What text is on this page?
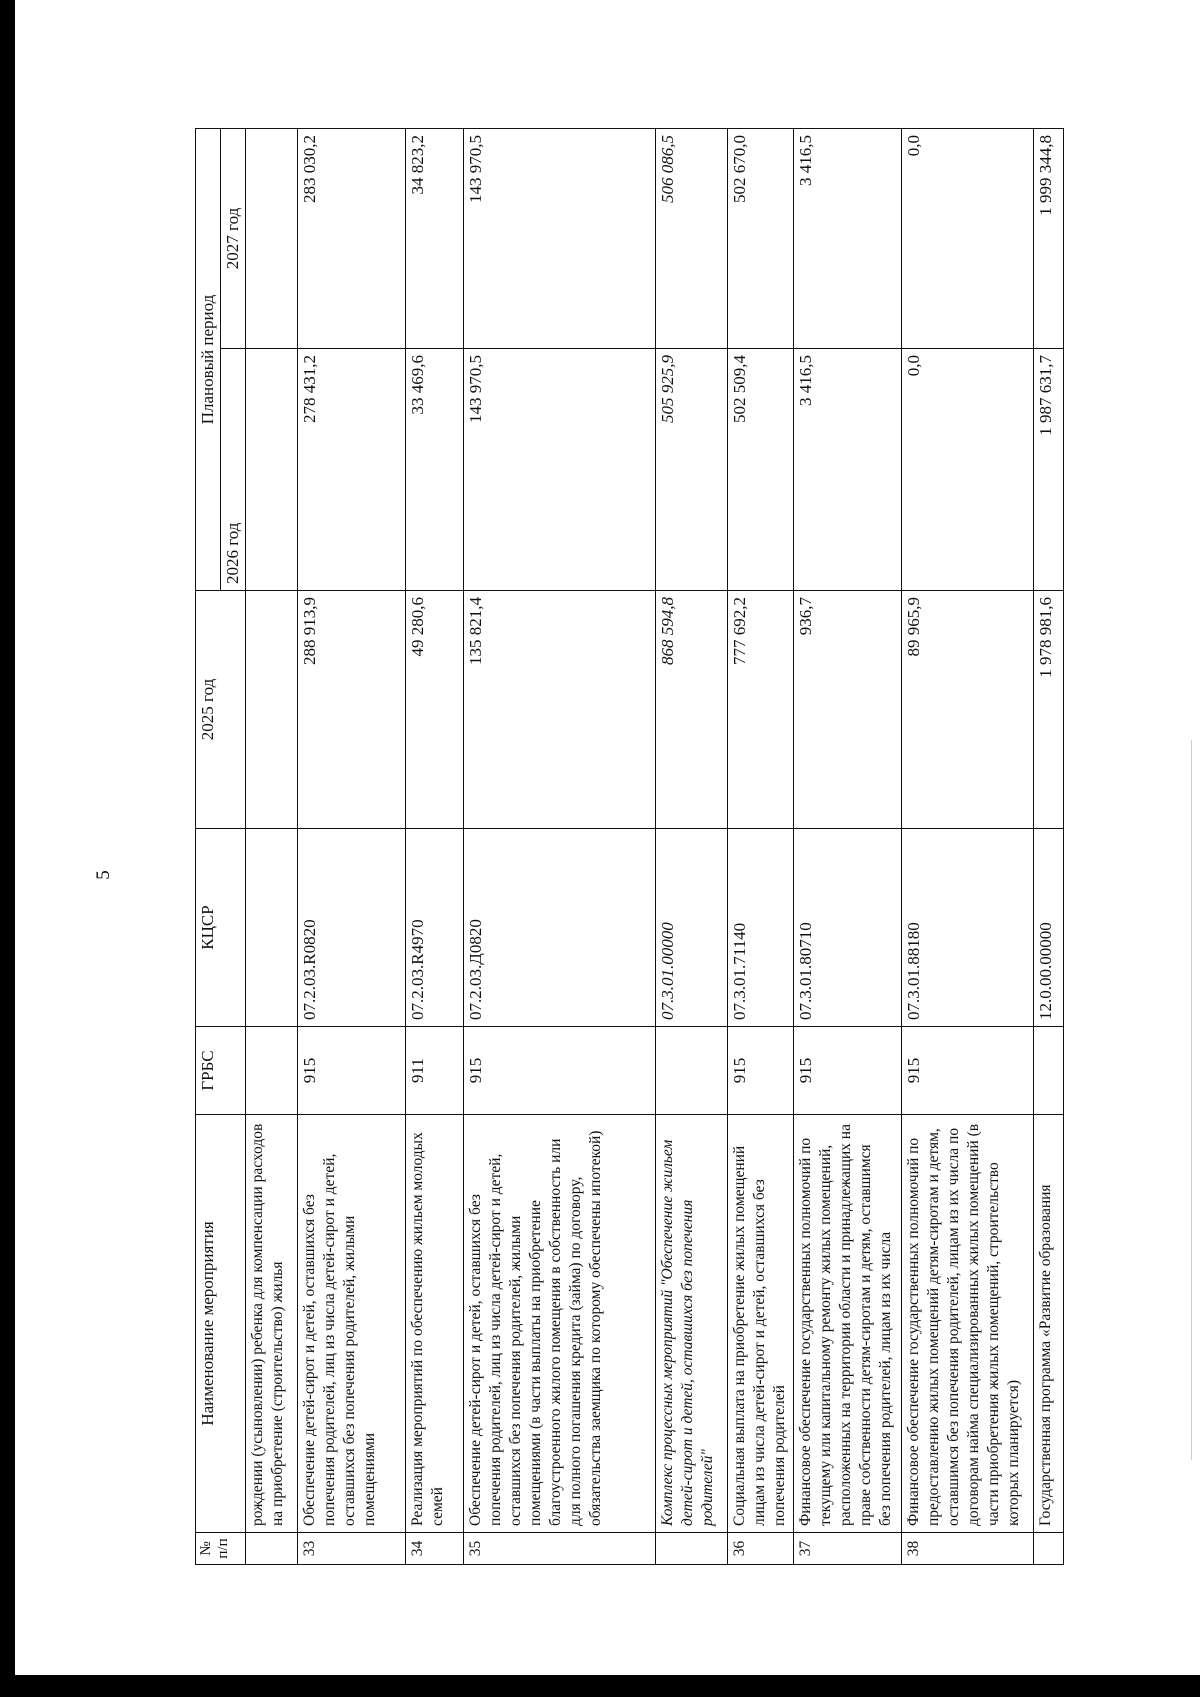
5
№ п/п	Наименование мероприятия	ГРБС	КЦСР	2025 год	Плановый период	
					2026 год	2027 год
	рождении (усыновлении) ребенка для компенсации расходов на приобретение (строительство) жилья					
33	Обеспечение детей-сирот и детей, оставшихся без попечения родителей, лиц из числа детей-сирот и детей, оставшихся без попечения родителей, жилыми помещениями	915	07.2.03.R0820	288 913,9	278 431,2	283 030,2
34	Реализация мероприятий по обеспечению жильем молодых семей	911	07.2.03.R4970	49 280,6	33 469,6	34 823,2
35	Обеспечение детей-сирот и детей, оставшихся без попечения родителей, лиц из числа детей-сирот и детей, оставшихся без попечения родителей, жилыми помещениями (в части выплаты на приобретение благоустроенного жилого помещения в собственность или для полного погашения кредита (займа) по договору, обязательства заемщика по которому обеспечены ипотекой)	915	07.2.03.Д0820	135 821,4	143 970,5	143 970,5
	Комплекс процессных мероприятий "Обеспечение жильем детей-сирот и детей, оставшихся без попечения родителей"		07.3.01.00000	868 594,8	505 925,9	506 086,5
36	Социальная выплата на приобретение жилых помещений лицам из числа детей-сирот и детей, оставшихся без попечения родителей	915	07.3.01.71140	777 692,2	502 509,4	502 670,0
37	Финансовое обеспечение государственных полномочий по текущему или капитальному ремонту жилых помещений, расположенных на территории области и принадлежащих на праве собственности детям-сиротам и детям, оставшимся без попечения родителей, лицам из их числа	915	07.3.01.80710	936,7	3 416,5	3 416,5
38	Финансовое обеспечение государственных полномочий по предоставлению жилых помещений детям-сиротам и детям, оставшимся без попечения родителей, лицам из их числа по договорам найма специализированных жилых помещений (в части приобретения жилых помещений, строительство которых планируется)	915	07.3.01.88180	89 965,9	0,0	0,0
	Государственная программа «Развитие образования		12.0.00.00000	1 978 981,6	1 987 631,7	1 999 344,8
